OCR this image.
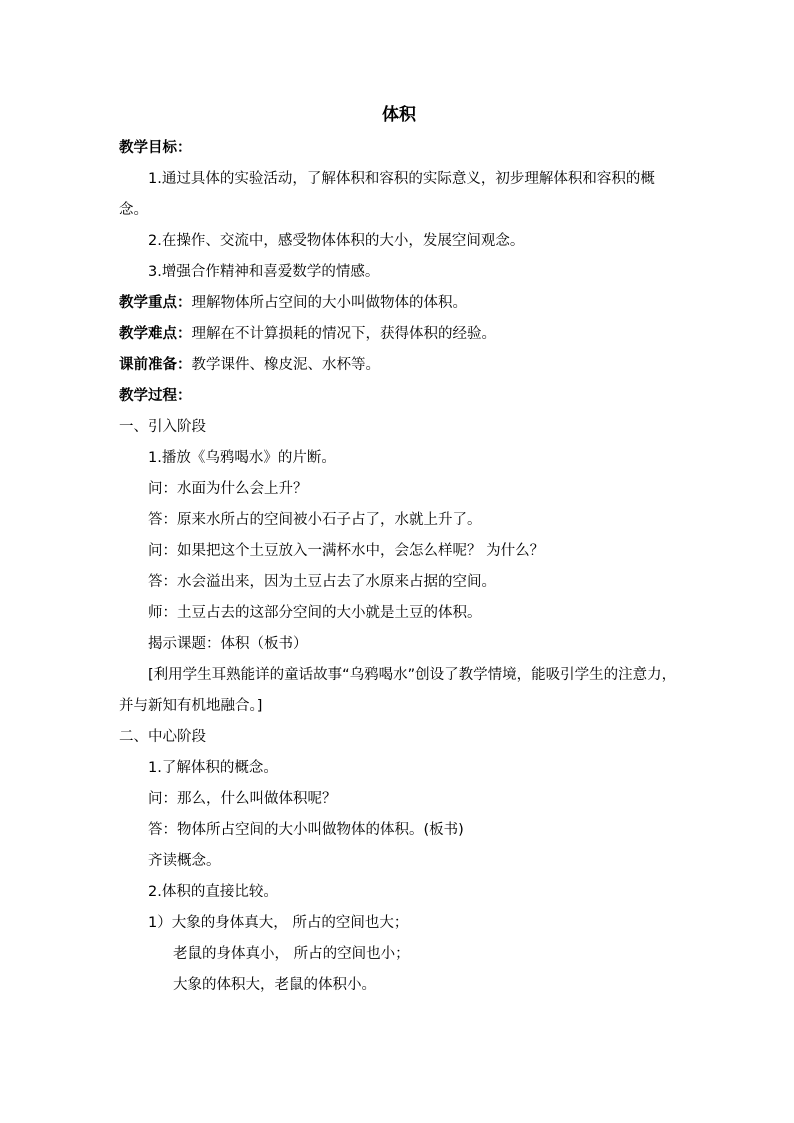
体积

教学目标：

1.通过具体的实验活动，了解体积和容积的实际意义，初步理解体积和容积的概念。

2.在操作、交流中，感受物体体积的大小，发展空间观念。

3.增强合作精神和喜爱数学的情感。

教学重点：理解物体所占空间的大小叫做物体的体积。

教学难点：理解在不计算损耗的情况下，获得体积的经验。

课前准备：教学课件、橡皮泥、水杯等。

教学过程：

一、引入阶段

1.播放《乌鸦喝水》的片断。

问：水面为什么会上升？

答：原来水所占的空间被小石子占了，水就上升了。

问：如果把这个土豆放入一满杯水中，会怎么样呢？ 为什么？

答：水会溢出来，因为土豆占去了水原来占据的空间。

师：土豆占去的这部分空间的大小就是土豆的体积。

揭示课题：体积（板书）

[利用学生耳熟能详的童话故事“乌鸦喝水”创设了教学情境，能吸引学生的注意力，并与新知有机地融合。]

二、中心阶段

1.了解体积的概念。

问：那么，什么叫做体积呢？

答：物体所占空间的大小叫做物体的体积。(板书)

齐读概念。

2.体积的直接比较。

1）大象的身体真大， 所占的空间也大；

老鼠的身体真小， 所占的空间也小；

大象的体积大，老鼠的体积小。
